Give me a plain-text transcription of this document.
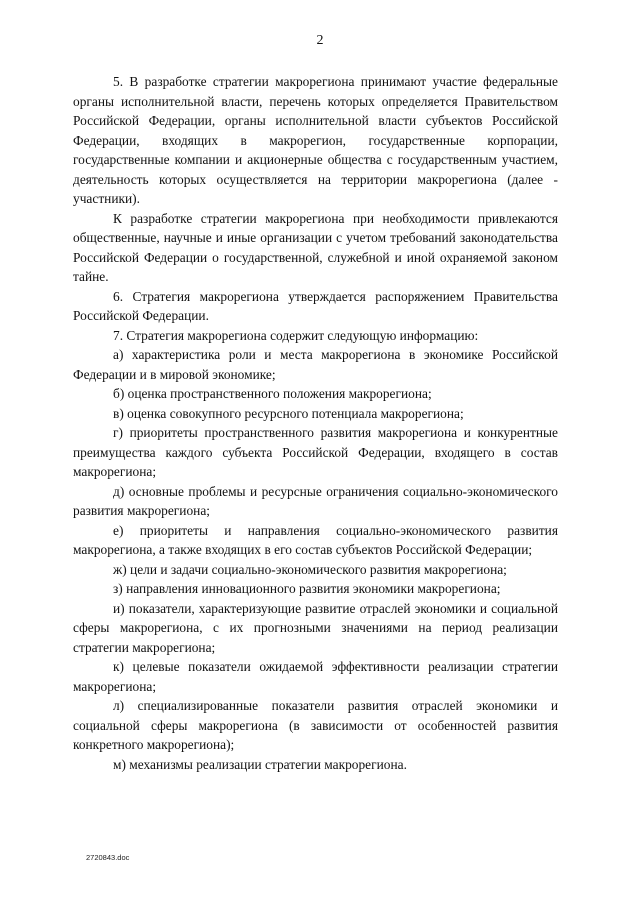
2

5. В разработке стратегии макрорегиона принимают участие федеральные органы исполнительной власти, перечень которых определяется Правительством Российской Федерации, органы исполнительной власти субъектов Российской Федерации, входящих в макрорегион, государственные корпорации, государственные компании и акционерные общества с государственным участием, деятельность которых осуществляется на территории макрорегиона (далее - участники).

К разработке стратегии макрорегиона при необходимости привлекаются общественные, научные и иные организации с учетом требований законодательства Российской Федерации о государственной, служебной и иной охраняемой законом тайне.

6. Стратегия макрорегиона утверждается распоряжением Правительства Российской Федерации.

7. Стратегия макрорегиона содержит следующую информацию:

а) характеристика роли и места макрорегиона в экономике Российской Федерации и в мировой экономике;

б) оценка пространственного положения макрорегиона;

в) оценка совокупного ресурсного потенциала макрорегиона;

г) приоритеты пространственного развития макрорегиона и конкурентные преимущества каждого субъекта Российской Федерации, входящего в состав макрорегиона;

д) основные проблемы и ресурсные ограничения социально-экономического развития макрорегиона;

е) приоритеты и направления социально-экономического развития макрорегиона, а также входящих в его состав субъектов Российской Федерации;

ж) цели и задачи социально-экономического развития макрорегиона;

з) направления инновационного развития экономики макрорегиона;

и) показатели, характеризующие развитие отраслей экономики и социальной сферы макрорегиона, с их прогнозными значениями на период реализации стратегии макрорегиона;

к) целевые показатели ожидаемой эффективности реализации стратегии макрорегиона;

л) специализированные показатели развития отраслей экономики и социальной сферы макрорегиона (в зависимости от особенностей развития конкретного макрорегиона);

м) механизмы реализации стратегии макрорегиона.

2720843.doc
